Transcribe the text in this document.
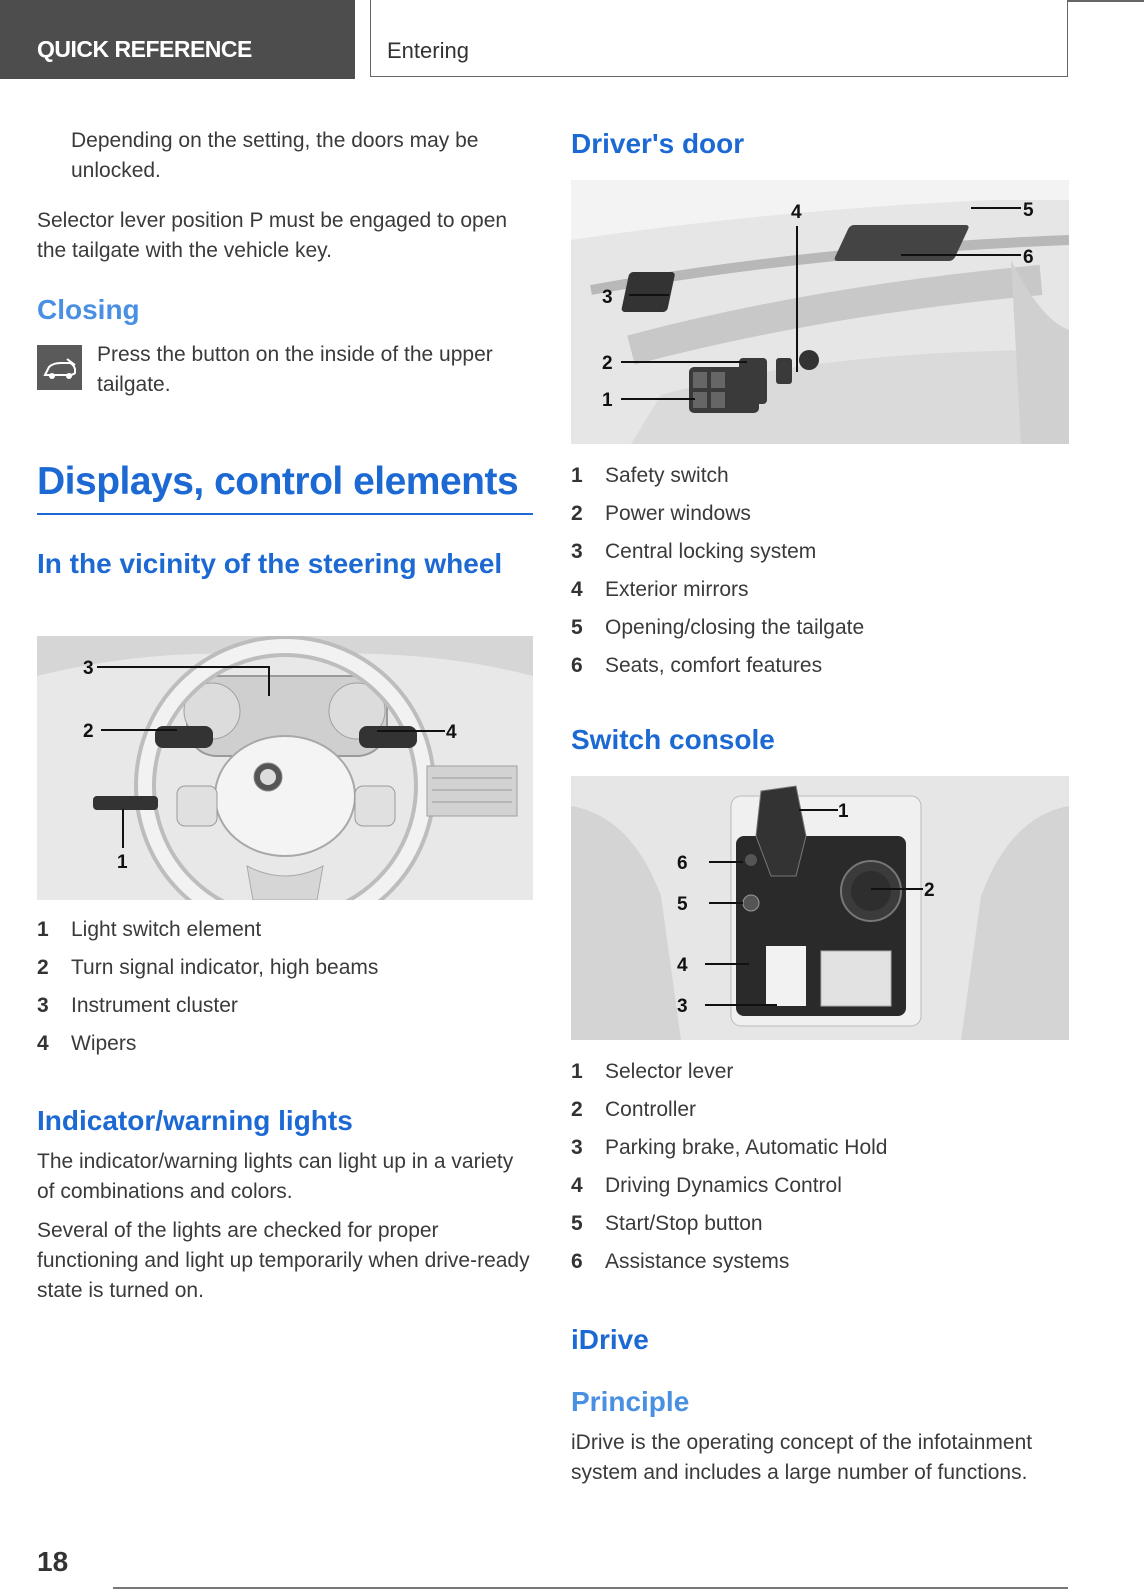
QUICK REFERENCE	Entering

Depending on the setting, the doors may be unlocked.

Selector lever position P must be engaged to open the tailgate with the vehicle key.

Closing

Press the button on the inside of the upper tailgate.

Displays, control elements
In the vicinity of the steering wheel
3
2	4
1
1 Light switch element
2 Turn signal indicator, high beams
3 Instrument cluster
4 Wipers
Indicator/warning lights

The indicator/warning lights can light up in a variety of combinations and colors.

Several of the lights are checked for proper functioning and light up temporarily when drive-ready state is turned on.

Driver's door
4	5
6
3
2
1
1 Safety switch
2 Power windows
3 Central locking system
4 Exterior mirrors
5 Opening/closing the tailgate
6 Seats, comfort features
Switch console
1
6
2
5
4
3
1 Selector lever
2 Controller
3 Parking brake, Automatic Hold
4 Driving Dynamics Control
5 Start/Stop button
6 Assistance systems
iDrive
Principle

iDrive is the operating concept of the infotainment system and includes a large number of functions.

18
